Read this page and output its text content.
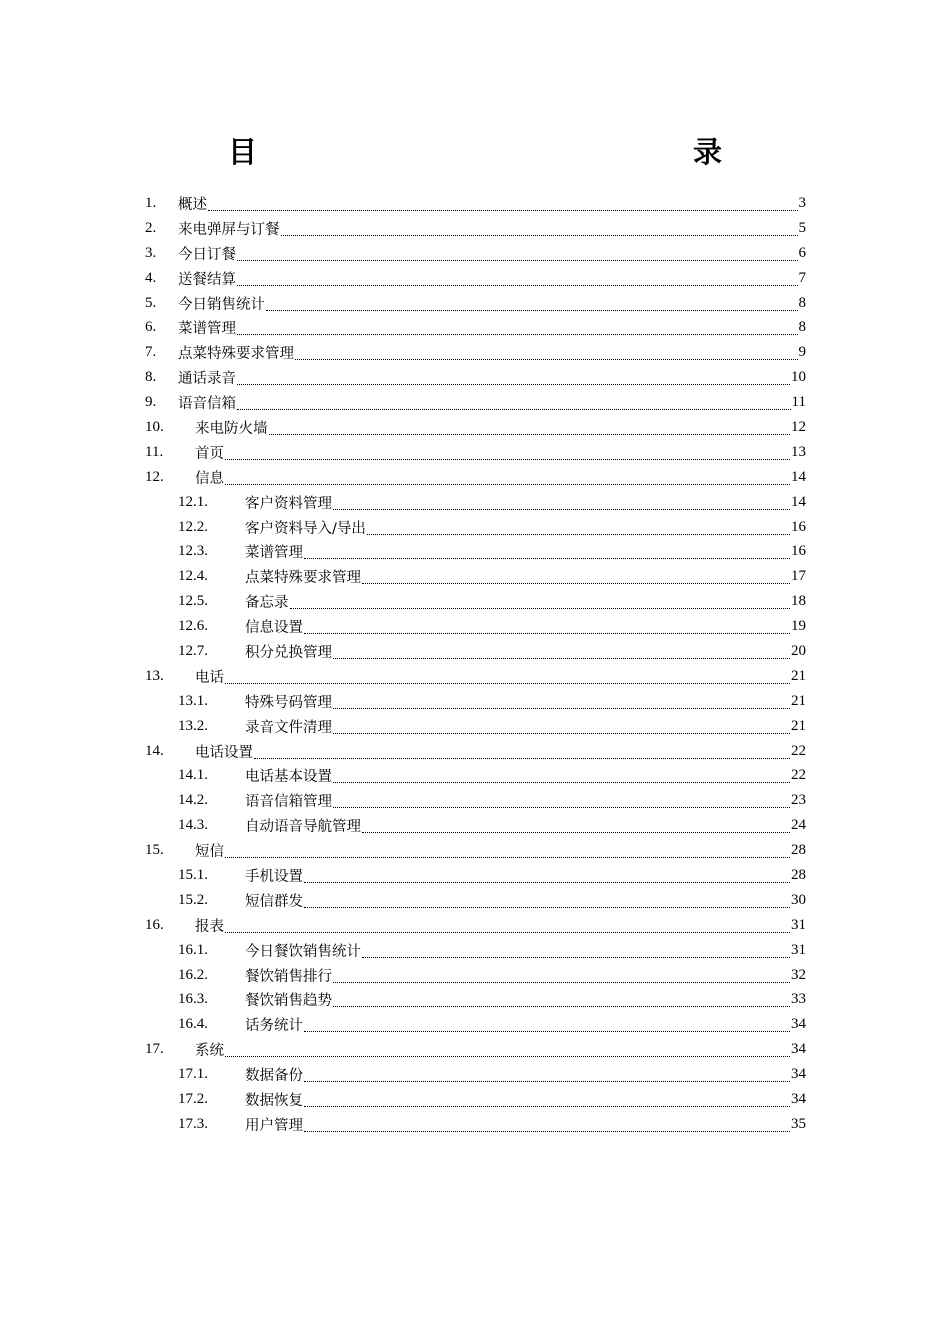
目　　录
1.	概述	3
2.	来电弹屏与订餐	5
3.	今日订餐	6
4.	送餐结算	7
5.	今日销售统计	8
6.	菜谱管理	8
7.	点菜特殊要求管理	9
8.	通话录音	10
9.	语音信箱	11
10.	来电防火墙	12
11.	首页	13
12.	信息	14
12.1.	客户资料管理	14
12.2.	客户资料导入/导出	16
12.3.	菜谱管理	16
12.4.	点菜特殊要求管理	17
12.5.	备忘录	18
12.6.	信息设置	19
12.7.	积分兑换管理	20
13.	电话	21
13.1.	特殊号码管理	21
13.2.	录音文件清理	21
14.	电话设置	22
14.1.	电话基本设置	22
14.2.	语音信箱管理	23
14.3.	自动语音导航管理	24
15.	短信	28
15.1.	手机设置	28
15.2.	短信群发	30
16.	报表	31
16.1.	今日餐饮销售统计	31
16.2.	餐饮销售排行	32
16.3.	餐饮销售趋势	33
16.4.	话务统计	34
17.	系统	34
17.1.	数据备份	34
17.2.	数据恢复	34
17.3.	用户管理	35
